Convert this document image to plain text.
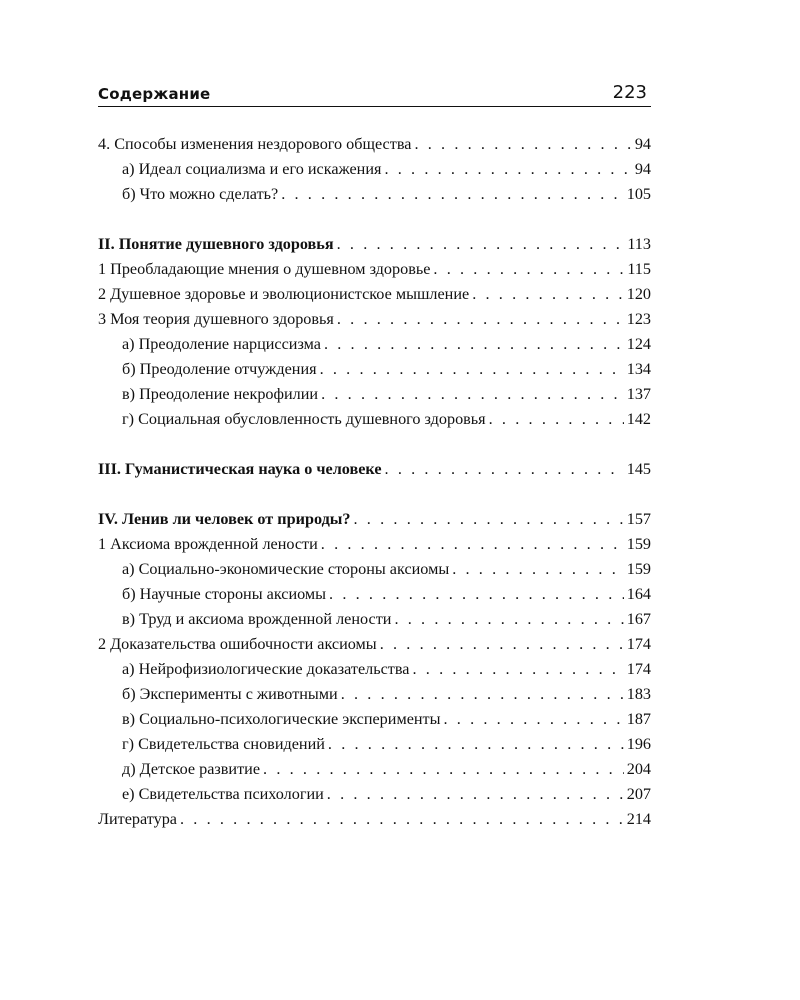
Содержание	223
4. Способы изменения нездорового общества . . .	94
а) Идеал социализма и его искажения . . .	94
б) Что можно сделать? . . .	105
II. Понятие душевного здоровья . . .	113
1 Преобладающие мнения о душевном здоровье . . .	115
2 Душевное здоровье и эволюционистское мышление . . .	120
3 Моя теория душевного здоровья . . .	123
а) Преодоление нарциссизма . . .	124
б) Преодоление отчуждения . . .	134
в) Преодоление некрофилии . . .	137
г) Социальная обусловленность душевного здоровья . . .	142
III. Гуманистическая наука о человеке . . .	145
IV. Ленив ли человек от природы? . . .	157
1 Аксиома врожденной лености . . .	159
а) Социально-экономические стороны аксиомы . . .	159
б) Научные стороны аксиомы . . .	164
в) Труд и аксиома врожденной лености . . .	167
2 Доказательства ошибочности аксиомы . . .	174
а) Нейрофизиологические доказательства . . .	174
б) Эксперименты с животными . . .	183
в) Социально-психологические эксперименты . . .	187
г) Свидетельства сновидений . . .	196
д) Детское развитие . . .	204
е) Свидетельства психологии . . .	207
Литература . . .	214
